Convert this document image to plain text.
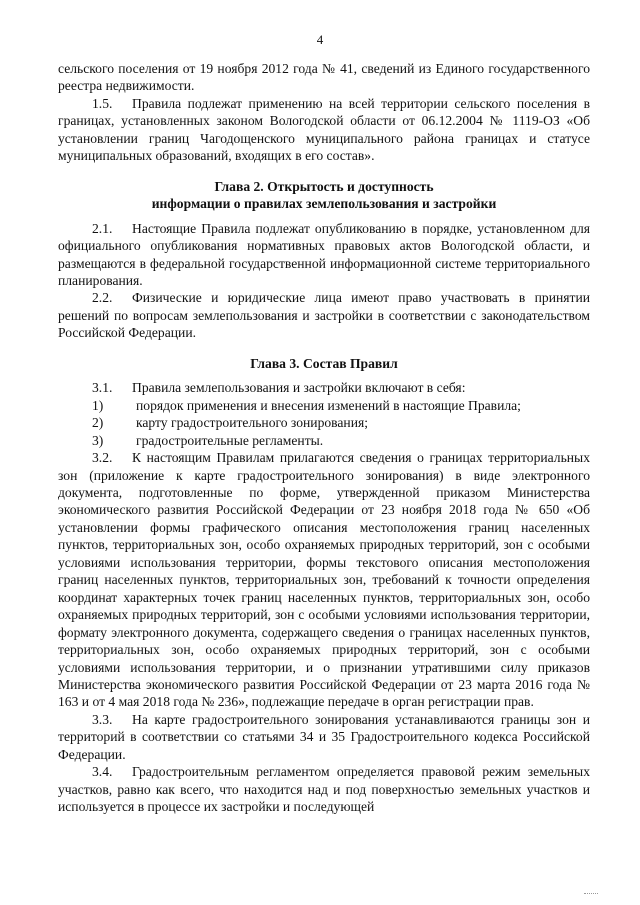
4

сельского поселения от 19 ноября 2012 года № 41, сведений из Единого государственного реестра недвижимости.

1.5. Правила подлежат применению на всей территории сельского поселения в границах, установленных законом Вологодской области от 06.12.2004 № 1119-ОЗ «Об установлении границ Чагодощенского муниципального района границах и статусе муниципальных образований, входящих в его состав».

Глава 2. Открытость и доступность

информации о правилах землепользования и застройки

2.1. Настоящие Правила подлежат опубликованию в порядке, установленном для официального опубликования нормативных правовых актов Вологодской области, и размещаются в федеральной государственной информационной системе территориального планирования.

2.2. Физические и юридические лица имеют право участвовать в принятии решений по вопросам землепользования и застройки в соответствии с законодательством Российской Федерации.

Глава 3. Состав Правил

3.1. Правила землепользования и застройки включают в себя:

1)	порядок применения и внесения изменений в настоящие Правила;
2)	карту градостроительного зонирования;
3)	градостроительные регламенты.

3.2. К настоящим Правилам прилагаются сведения о границах территориальных зон (приложение к карте градостроительного зонирования) в виде электронного документа, подготовленные по форме, утвержденной приказом Министерства экономического развития Российской Федерации от 23 ноября 2018 года № 650 «Об установлении формы графического описания местоположения границ населенных пунктов, территориальных зон, особо охраняемых природных территорий, зон с особыми условиями использования территории, формы текстового описания местоположения границ населенных пунктов, территориальных зон, требований к точности определения координат характерных точек границ населенных пунктов, территориальных зон, особо охраняемых природных территорий, зон с особыми условиями использования территории, формату электронного документа, содержащего сведения о границах населенных пунктов, территориальных зон, особо охраняемых природных территорий, зон с особыми условиями использования территории, и о признании утратившими силу приказов Министерства экономического развития Российской Федерации от 23 марта 2016 года № 163 и от 4 мая 2018 года № 236», подлежащие передаче в орган регистрации прав.

3.3. На карте градостроительного зонирования устанавливаются границы зон и территорий в соответствии со статьями 34 и 35 Градостроительного кодекса Российской Федерации.

3.4. Градостроительным регламентом определяется правовой режим земельных участков, равно как всего, что находится над и под поверхностью земельных участков и используется в процессе их застройки и последующей
